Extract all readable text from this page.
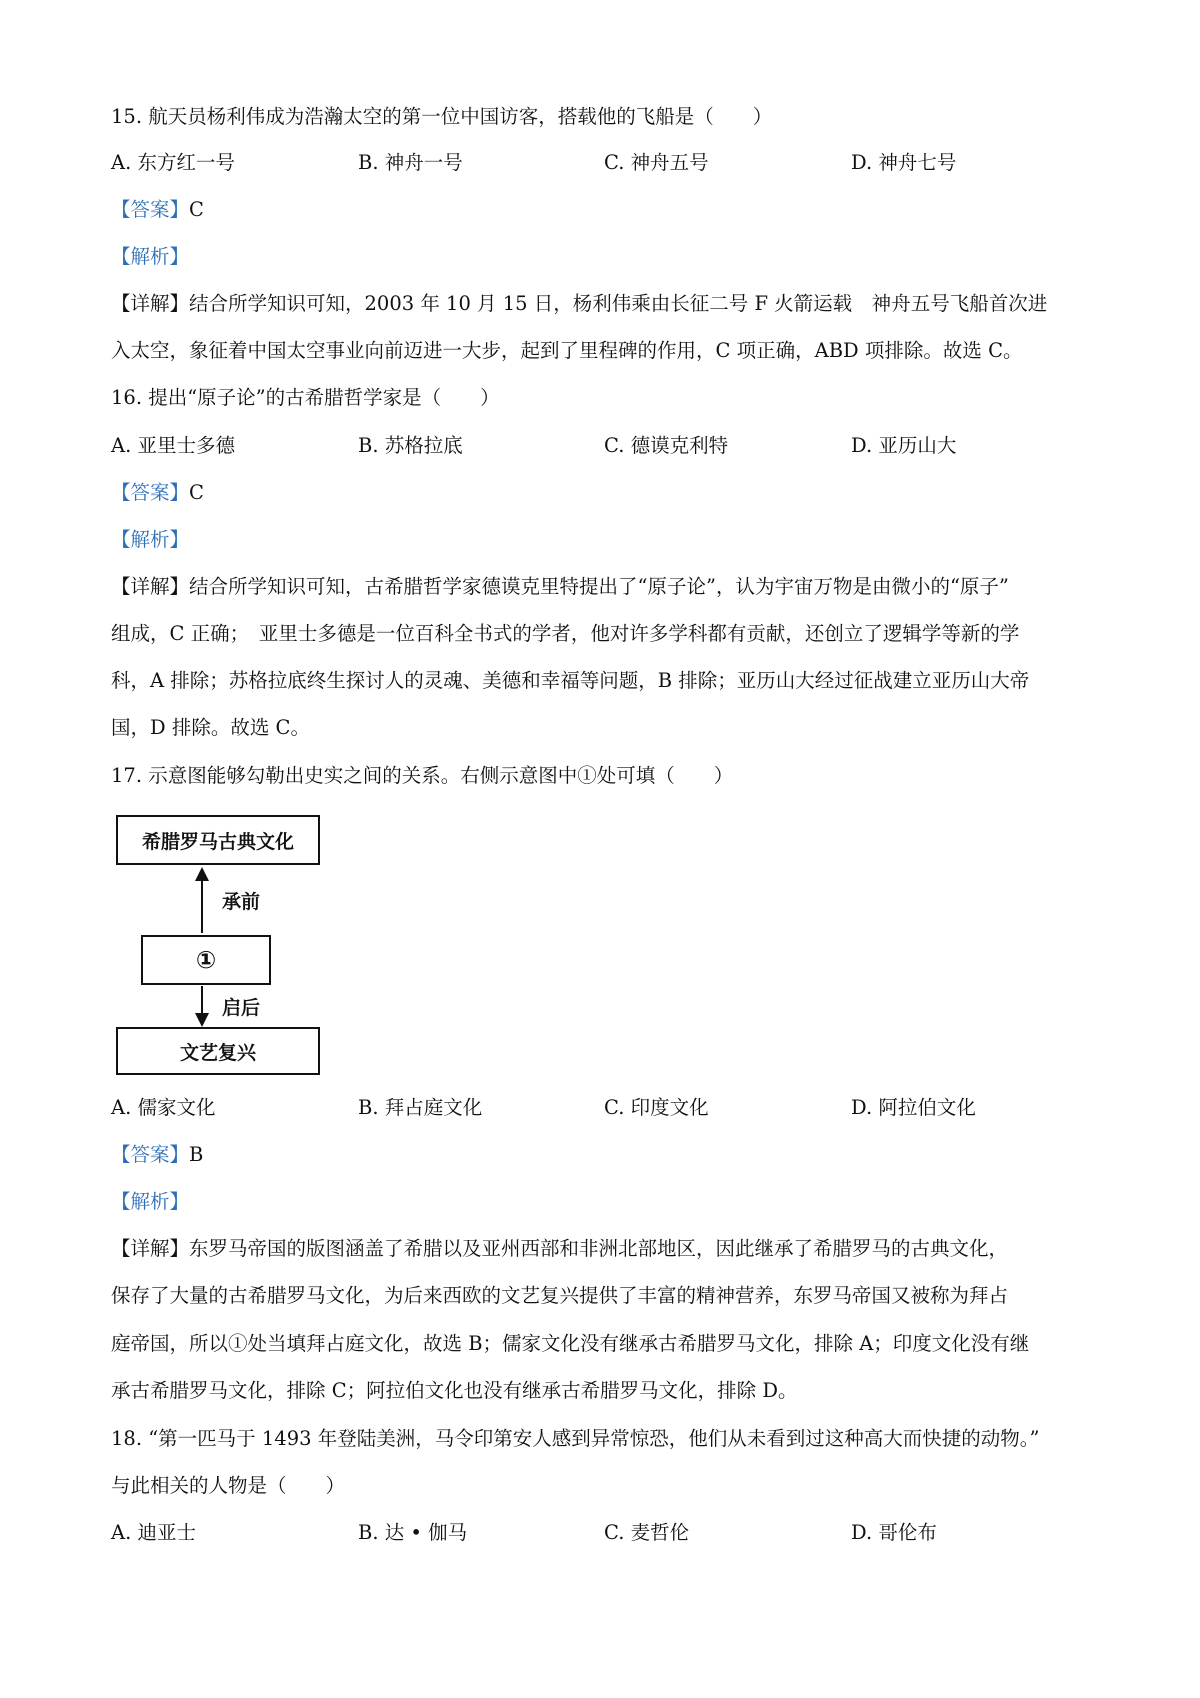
15. 航天员杨利伟成为浩瀚太空的第一位中国访客，搭载他的飞船是（　　）
A. 东方红一号	B. 神舟一号	C. 神舟五号	D. 神舟七号
【答案】C
【解析】
【详解】结合所学知识可知，2003 年 10 月 15 日，杨利伟乘由长征二号 F 火箭运载　神舟五号飞船首次进
入太空，象征着中国太空事业向前迈进一大步，起到了里程碑的作用，C 项正确，ABD 项排除。故选 C。
16. 提出“原子论”的古希腊哲学家是（　　）
A. 亚里士多德	B. 苏格拉底	C. 德谟克利特	D. 亚历山大
【答案】C
【解析】
【详解】结合所学知识可知，古希腊哲学家德谟克里特提出了“原子论”，认为宇宙万物是由微小的“原子”
组成，C 正确；　亚里士多德是一位百科全书式的学者，他对许多学科都有贡献，还创立了逻辑学等新的学
科，A 排除；苏格拉底终生探讨人的灵魂、美德和幸福等问题，B 排除；亚历山大经过征战建立亚历山大帝
国，D 排除。故选 C。
17. 示意图能够勾勒出史实之间的关系。右侧示意图中①处可填（　　）
希腊罗马古典文化
承前
①
启后
文艺复兴
A. 儒家文化	B. 拜占庭文化	C. 印度文化	D. 阿拉伯文化
【答案】B
【解析】
【详解】东罗马帝国的版图涵盖了希腊以及亚州西部和非洲北部地区，因此继承了希腊罗马的古典文化，
保存了大量的古希腊罗马文化，为后来西欧的文艺复兴提供了丰富的精神营养，东罗马帝国又被称为拜占
庭帝国，所以①处当填拜占庭文化，故选 B；儒家文化没有继承古希腊罗马文化，排除 A；印度文化没有继
承古希腊罗马文化，排除 C；阿拉伯文化也没有继承古希腊罗马文化，排除 D。
18. “第一匹马于 1493 年登陆美洲，马令印第安人感到异常惊恐，他们从未看到过这种高大而快捷的动物。”
与此相关的人物是（　　）
A. 迪亚士	B. 达 • 伽马	C. 麦哲伦	D. 哥伦布
